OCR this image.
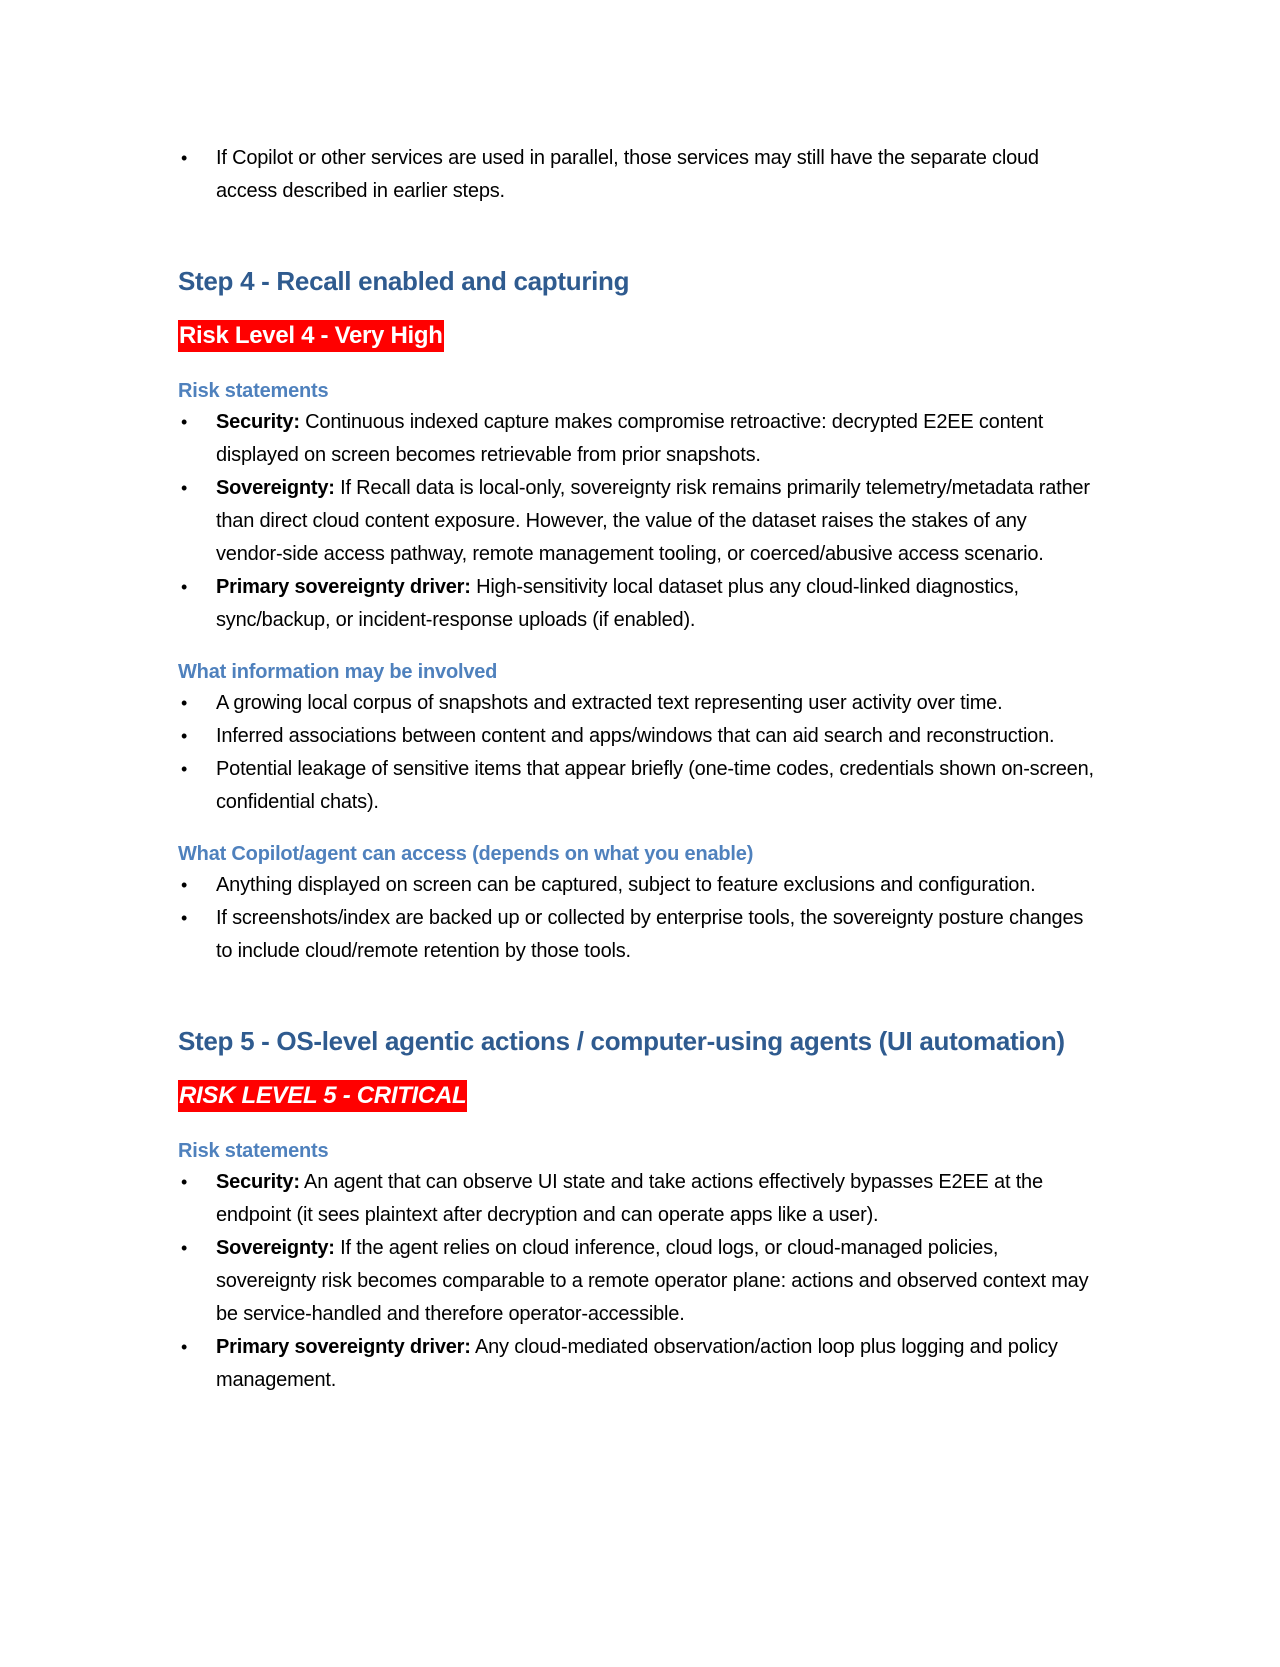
• If Copilot or other services are used in parallel, those services may still have the separate cloud access described in earlier steps.
Step 4 - Recall enabled and capturing
Risk Level 4 - Very High
Risk statements
• Security: Continuous indexed capture makes compromise retroactive: decrypted E2EE content displayed on screen becomes retrievable from prior snapshots.
• Sovereignty: If Recall data is local-only, sovereignty risk remains primarily telemetry/metadata rather than direct cloud content exposure. However, the value of the dataset raises the stakes of any vendor-side access pathway, remote management tooling, or coerced/abusive access scenario.
• Primary sovereignty driver: High-sensitivity local dataset plus any cloud-linked diagnostics, sync/backup, or incident-response uploads (if enabled).
What information may be involved
• A growing local corpus of snapshots and extracted text representing user activity over time.
• Inferred associations between content and apps/windows that can aid search and reconstruction.
• Potential leakage of sensitive items that appear briefly (one-time codes, credentials shown on-screen, confidential chats).
What Copilot/agent can access (depends on what you enable)
• Anything displayed on screen can be captured, subject to feature exclusions and configuration.
• If screenshots/index are backed up or collected by enterprise tools, the sovereignty posture changes to include cloud/remote retention by those tools.
Step 5 - OS-level agentic actions / computer-using agents (UI automation)
RISK LEVEL 5 - CRITICAL
Risk statements
• Security: An agent that can observe UI state and take actions effectively bypasses E2EE at the endpoint (it sees plaintext after decryption and can operate apps like a user).
• Sovereignty: If the agent relies on cloud inference, cloud logs, or cloud-managed policies, sovereignty risk becomes comparable to a remote operator plane: actions and observed context may be service-handled and therefore operator-accessible.
• Primary sovereignty driver: Any cloud-mediated observation/action loop plus logging and policy management.
